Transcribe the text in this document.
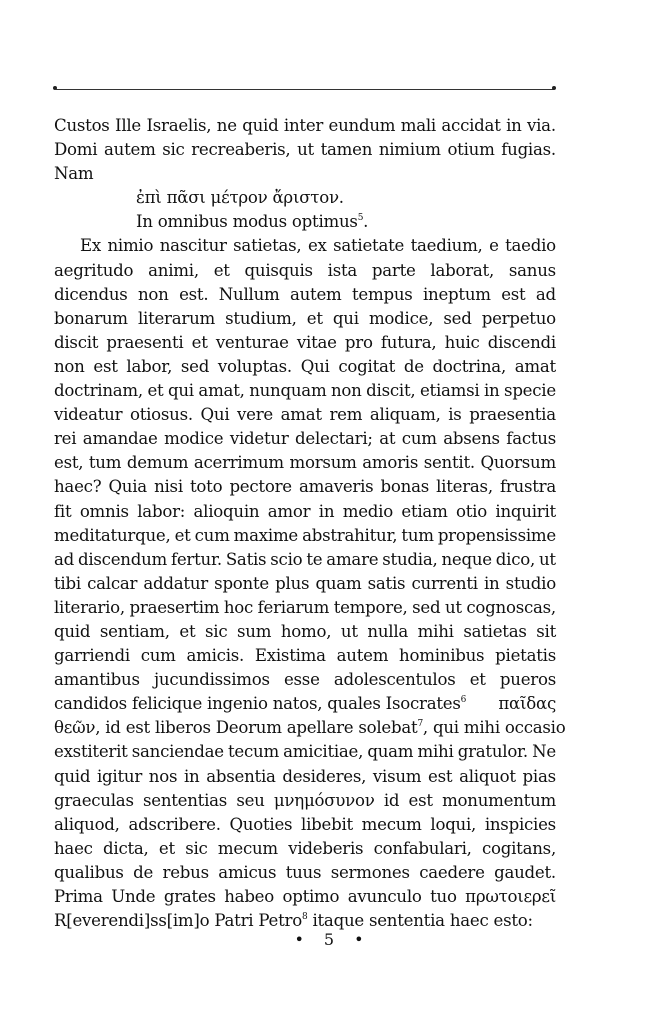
Custos Ille Israelis, ne quid inter eundum mali accidat in via.
Domi autem sic recreaberis, ut tamen nimium otium fugias.
Nam
ἐπὶ πᾶσι μέτρον ἄριστον.
In omnibus modus optimus$^5$.
Ex nimio nascitur satietas, ex satietate taedium, e taedio
aegritudo animi, et quisquis ista parte laborat, sanus
dicendus non est. Nullum autem tempus ineptum est ad
bonarum literarum studium, et qui modice, sed perpetuo
discit praesenti et venturae vitae pro futura, huic discendi
non est labor, sed voluptas. Qui cogitat de doctrina, amat
doctrinam, et qui amat, nunquam non discit, etiamsi in specie
videatur otiosus. Qui vere amat rem aliquam, is praesentia
rei amandae modice videtur delectari; at cum absens factus
est, tum demum acerrimum morsum amoris sentit. Quorsum
haec? Quia nisi toto pectore amaveris bonas literas, frustra
fit omnis labor: alioquin amor in medio etiam otio inquirit
meditaturque, et cum maxime abstrahitur, tum propensissime
ad discendum fertur. Satis scio te amare studia, neque dico, ut
tibi calcar addatur sponte plus quam satis currenti in studio
literario, praesertim hoc feriarum tempore, sed ut cognoscas,
quid sentiam, et sic sum homo, ut nulla mihi satietas sit
garriendi cum amicis. Existima autem hominibus pietatis
amantibus jucundissimos esse adolescentulos et pueros
candidos felicique ingenio natos, quales Isocrates$^6$ παῖδας
θεῶν, id est liberos Deorum apellare solebat$^7$, qui mihi occasio
exstiterit sanciendae tecum amicitiae, quam mihi gratulor. Ne
quid igitur nos in absentia desideres, visum est aliquot pias
graeculas sententias seu μνημόσυνον id est monumentum
aliquod, adscribere. Quoties libebit mecum loqui, inspicies
haec dicta, et sic mecum videberis confabulari, cogitans,
qualibus de rebus amicus tuus sermones caedere gaudet.
Prima Unde grates habeo optimo avunculo tuo πρωτοιερεῖ
R[everendi]ss[im]o Patri Petro$^8$ itaque sententia haec esto:
• 5 •
